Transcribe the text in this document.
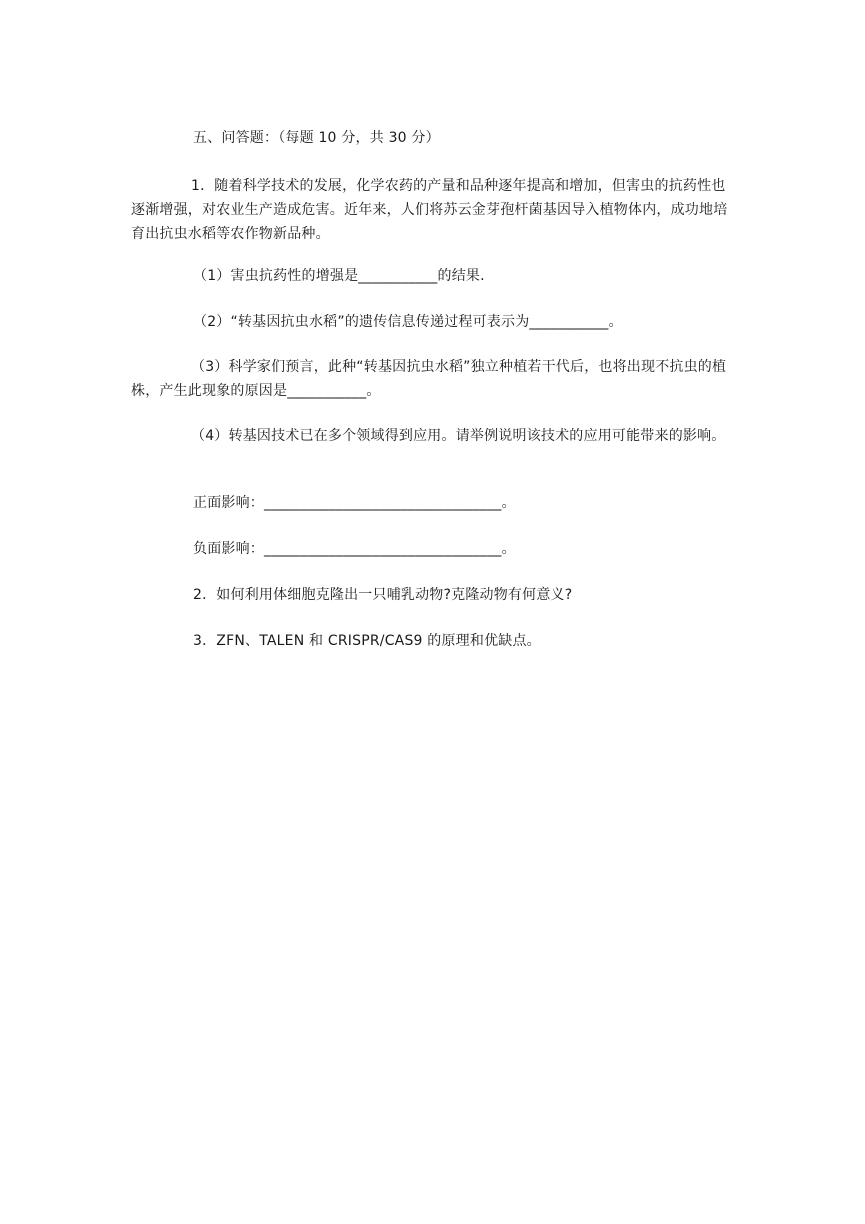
五、问答题：（每题 10 分，共 30 分）
1．随着科学技术的发展，化学农药的产量和品种逐年提高和增加，但害虫的抗药性也逐渐增强，对农业生产造成危害。近年来，人们将苏云金芽孢杆菌基因导入植物体内，成功地培育出抗虫水稻等农作物新品种。
（1）害虫抗药性的增强是___________的结果.
（2）“转基因抗虫水稻”的遗传信息传递过程可表示为___________。
（3）科学家们预言，此种“转基因抗虫水稻”独立种植若干代后，也将出现不抗虫的植株，产生此现象的原因是___________。
（4）转基因技术已在多个领域得到应用。请举例说明该技术的应用可能带来的影响。
正面影响：_________________________________。
负面影响：_________________________________。
2．如何利用体细胞克隆出一只哺乳动物?克隆动物有何意义?
3．ZFN、TALEN 和 CRISPR/CAS9 的原理和优缺点。
